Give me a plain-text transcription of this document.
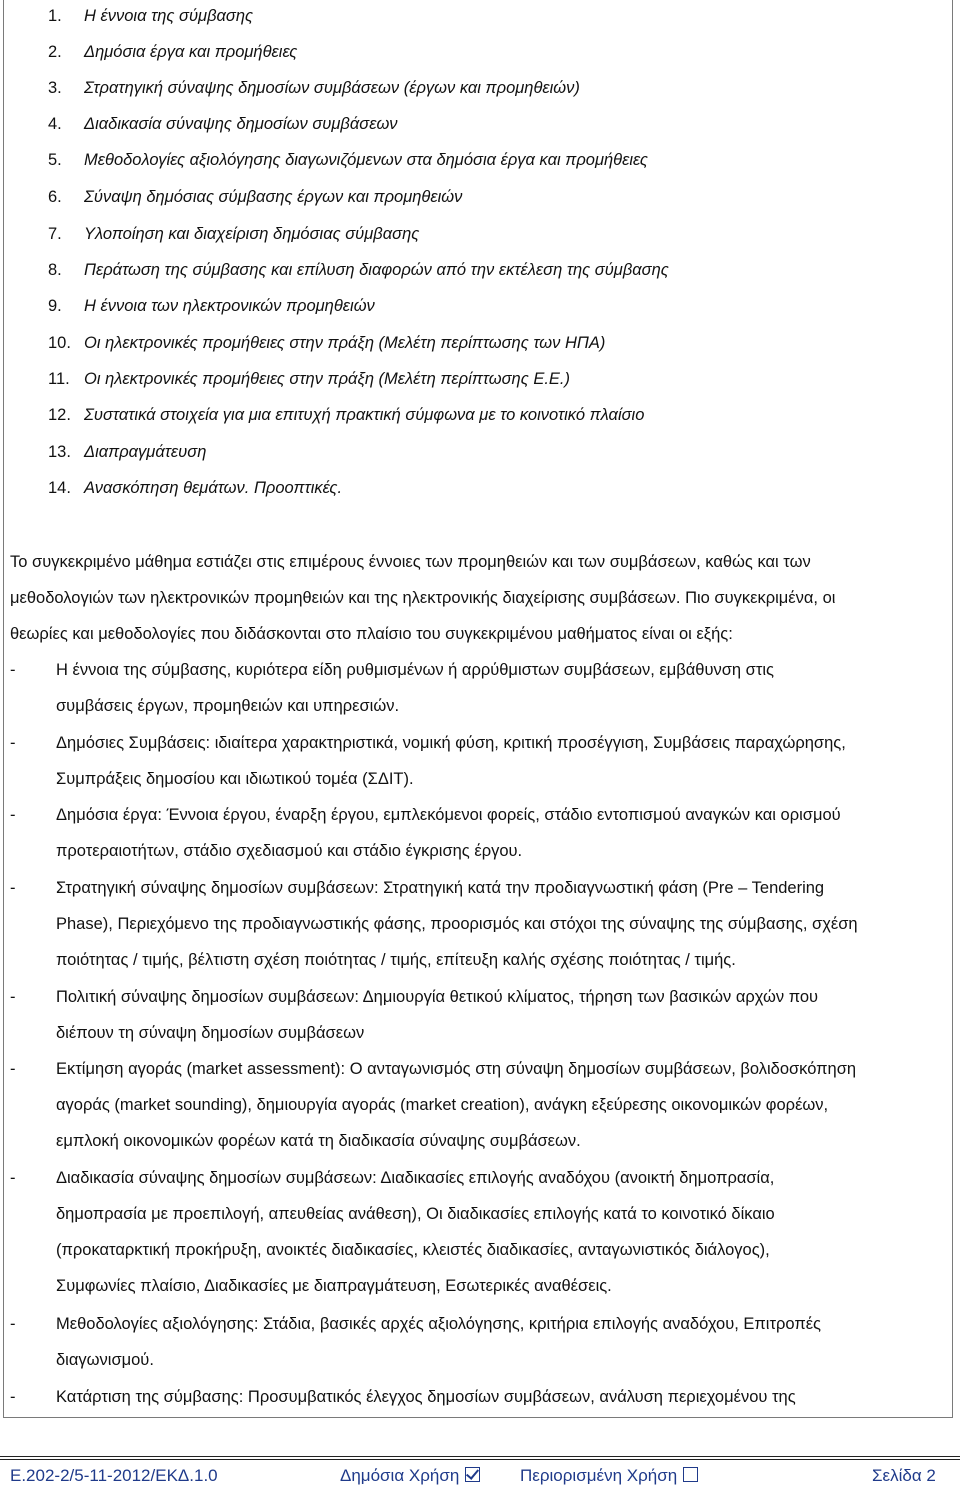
1. Η έννοια της σύμβασης
2. Δημόσια έργα και προμήθειες
3. Στρατηγική σύναψης δημοσίων συμβάσεων (έργων και προμηθειών)
4. Διαδικασία σύναψης δημοσίων συμβάσεων
5. Μεθοδολογίες αξιολόγησης διαγωνιζόμενων στα δημόσια έργα και προμήθειες
6. Σύναψη δημόσιας σύμβασης έργων και προμηθειών
7. Υλοποίηση και διαχείριση δημόσιας σύμβασης
8. Περάτωση της σύμβασης και επίλυση διαφορών από την εκτέλεση της σύμβασης
9. Η έννοια των ηλεκτρονικών προμηθειών
10. Οι ηλεκτρονικές προμήθειες στην πράξη (Μελέτη περίπτωσης των ΗΠΑ)
11. Οι ηλεκτρονικές προμήθειες στην πράξη (Μελέτη περίπτωσης Ε.Ε.)
12. Συστατικά στοιχεία για μια επιτυχή πρακτική σύμφωνα με το κοινοτικό πλαίσιο
13. Διαπραγμάτευση
14. Ανασκόπηση θεμάτων. Προοπτικές.
Το συγκεκριμένο μάθημα εστιάζει στις επιμέρους έννοιες των προμηθειών και των συμβάσεων, καθώς και των
μεθοδολογιών των ηλεκτρονικών προμηθειών και της ηλεκτρονικής διαχείρισης συμβάσεων. Πιο συγκεκριμένα, οι
θεωρίες και μεθοδολογίες που διδάσκονται στο πλαίσιο του συγκεκριμένου μαθήματος είναι οι εξής:
-	Η έννοια της σύμβασης, κυριότερα είδη ρυθμισμένων ή αρρύθμιστων συμβάσεων, εμβάθυνση στις
συμβάσεις έργων, προμηθειών και υπηρεσιών.
-	Δημόσιες Συμβάσεις: ιδιαίτερα χαρακτηριστικά, νομική φύση, κριτική προσέγγιση, Συμβάσεις παραχώρησης,
Συμπράξεις δημοσίου και ιδιωτικού τομέα (ΣΔΙΤ).
-	Δημόσια έργα: Έννοια έργου, έναρξη έργου, εμπλεκόμενοι φορείς, στάδιο εντοπισμού αναγκών και ορισμού
προτεραιοτήτων, στάδιο σχεδιασμού και στάδιο έγκρισης έργου.
-	Στρατηγική σύναψης δημοσίων συμβάσεων: Στρατηγική κατά την προδιαγνωστική φάση (Pre – Tendering
Phase), Περιεχόμενο της προδιαγνωστικής φάσης, προορισμός και στόχοι της σύναψης της σύμβασης, σχέση
ποιότητας / τιμής, βέλτιστη σχέση ποιότητας / τιμής, επίτευξη καλής σχέσης ποιότητας / τιμής.
-	Πολιτική σύναψης δημοσίων συμβάσεων: Δημιουργία θετικού κλίματος, τήρηση των βασικών αρχών που
διέπουν τη σύναψη δημοσίων συμβάσεων
-	Εκτίμηση αγοράς (market assessment): Ο ανταγωνισμός στη σύναψη δημοσίων συμβάσεων, βολιδοσκόπηση
αγοράς (market sounding), δημιουργία αγοράς (market creation), ανάγκη εξεύρεσης οικονομικών φορέων,
εμπλοκή οικονομικών φορέων κατά τη διαδικασία σύναψης συμβάσεων.
-	Διαδικασία σύναψης δημοσίων συμβάσεων: Διαδικασίες επιλογής αναδόχου (ανοικτή δημοπρασία,
δημοπρασία με προεπιλογή, απευθείας ανάθεση), Οι διαδικασίες επιλογής κατά το κοινοτικό δίκαιο
(προκαταρκτική προκήρυξη, ανοικτές διαδικασίες, κλειστές διαδικασίες, ανταγωνιστικός διάλογος),
Συμφωνίες πλαίσιο, Διαδικασίες με διαπραγμάτευση, Εσωτερικές αναθέσεις.
-	Μεθοδολογίες αξιολόγησης: Στάδια, βασικές αρχές αξιολόγησης, κριτήρια επιλογής αναδόχου, Επιτροπές
διαγωνισμού.
-	Κατάρτιση της σύμβασης: Προσυμβατικός έλεγχος δημοσίων συμβάσεων, ανάλυση περιεχομένου της
Ε.202-2/5-11-2012/ΕΚΔ.1.0	Δημόσια Χρήση	Περιορισμένη Χρήση	Σελίδα 2
